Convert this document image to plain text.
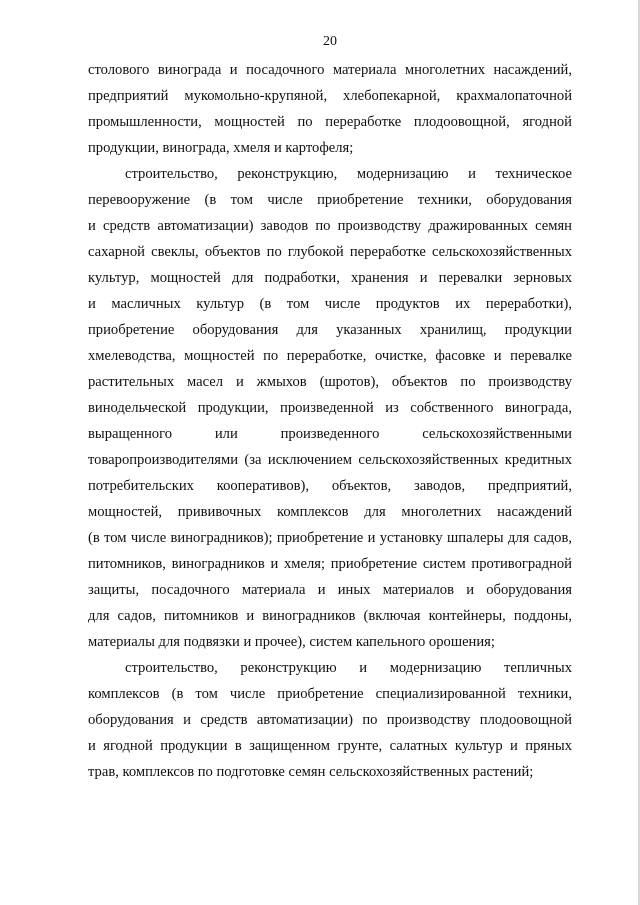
20
столового винограда и посадочного материала многолетних насаждений,
предприятий мукомольно-крупяной, хлебопекарной, крахмалопаточной
промышленности, мощностей по переработке плодоовощной, ягодной
продукции, винограда, хмеля и картофеля;
строительство, реконструкцию, модернизацию и техническое
перевооружение (в том числе приобретение техники, оборудования
и средств автоматизации) заводов по производству дражированных семян
сахарной свеклы, объектов по глубокой переработке сельскохозяйственных
культур, мощностей для подработки, хранения и перевалки зерновых
и масличных культур (в том числе продуктов их переработки),
приобретение оборудования для указанных хранилищ, продукции
хмелеводства, мощностей по переработке, очистке, фасовке и перевалке
растительных масел и жмыхов (шротов), объектов по производству
винодельческой продукции, произведенной из собственного винограда,
выращенного или произведенного сельскохозяйственными
товаропроизводителями (за исключением сельскохозяйственных кредитных
потребительских кооперативов), объектов, заводов, предприятий,
мощностей, прививочных комплексов для многолетних насаждений
(в том числе виноградников); приобретение и установку шпалеры для садов,
питомников, виноградников и хмеля; приобретение систем противоградной
защиты, посадочного материала и иных материалов и оборудования
для садов, питомников и виноградников (включая контейнеры, поддоны,
материалы для подвязки и прочее), систем капельного орошения;
строительство, реконструкцию и модернизацию тепличных
комплексов (в том числе приобретение специализированной техники,
оборудования и средств автоматизации) по производству плодоовощной
и ягодной продукции в защищенном грунте, салатных культур и пряных
трав, комплексов по подготовке семян сельскохозяйственных растений;
